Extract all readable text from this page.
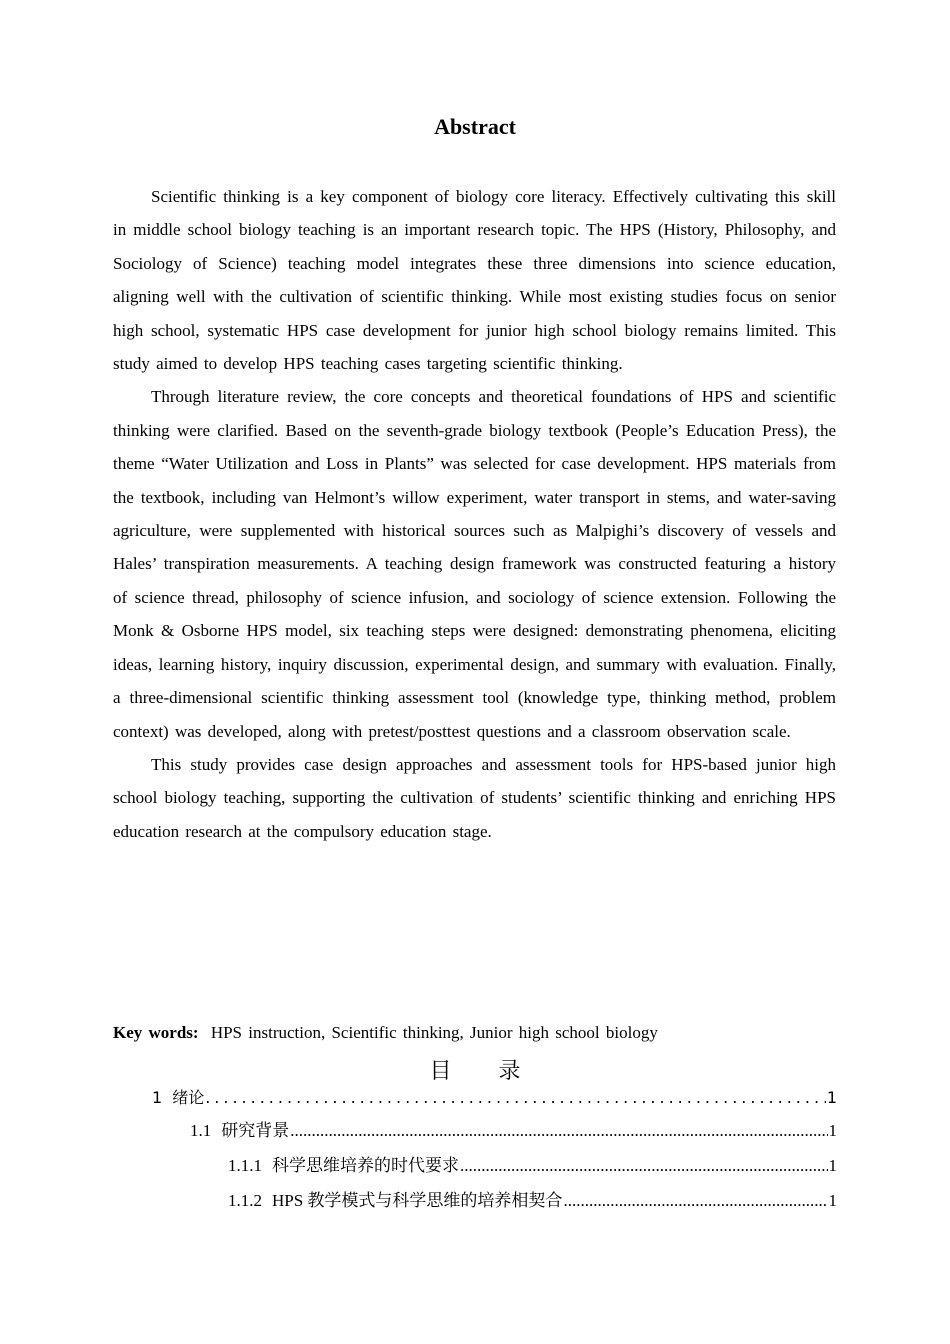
Abstract

Scientific thinking is a key component of biology core literacy. Effectively cultivating this skill in middle school biology teaching is an important research topic. The HPS (History, Philosophy, and Sociology of Science) teaching model integrates these three dimensions into science education, aligning well with the cultivation of scientific thinking. While most existing studies focus on senior high school, systematic HPS case development for junior high school biology remains limited. This study aimed to develop HPS teaching cases targeting scientific thinking.

Through literature review, the core concepts and theoretical foundations of HPS and scientific thinking were clarified. Based on the seventh-grade biology textbook (People’s Education Press), the theme “Water Utilization and Loss in Plants” was selected for case development. HPS materials from the textbook, including van Helmont’s willow experiment, water transport in stems, and water-saving agriculture, were supplemented with historical sources such as Malpighi’s discovery of vessels and Hales’ transpiration measurements. A teaching design framework was constructed featuring a history of science thread, philosophy of science infusion, and sociology of science extension. Following the Monk & Osborne HPS model, six teaching steps were designed: demonstrating phenomena, eliciting ideas, learning history, inquiry discussion, experimental design, and summary with evaluation. Finally, a three-dimensional scientific thinking assessment tool (knowledge type, thinking method, problem context) was developed, along with pretest/posttest questions and a classroom observation scale.

This study provides case design approaches and assessment tools for HPS-based junior high school biology teaching, supporting the cultivation of students’ scientific thinking and enriching HPS education research at the compulsory education stage.

Key words: HPS instruction, Scientific thinking, Junior high school biology
目 录
1 绪论 .....	1
1.1 研究背景 .....	1
1.1.1 科学思维培养的时代要求 .....	1
1.1.2 HPS 教学模式与科学思维的培养相契合 .....	1
